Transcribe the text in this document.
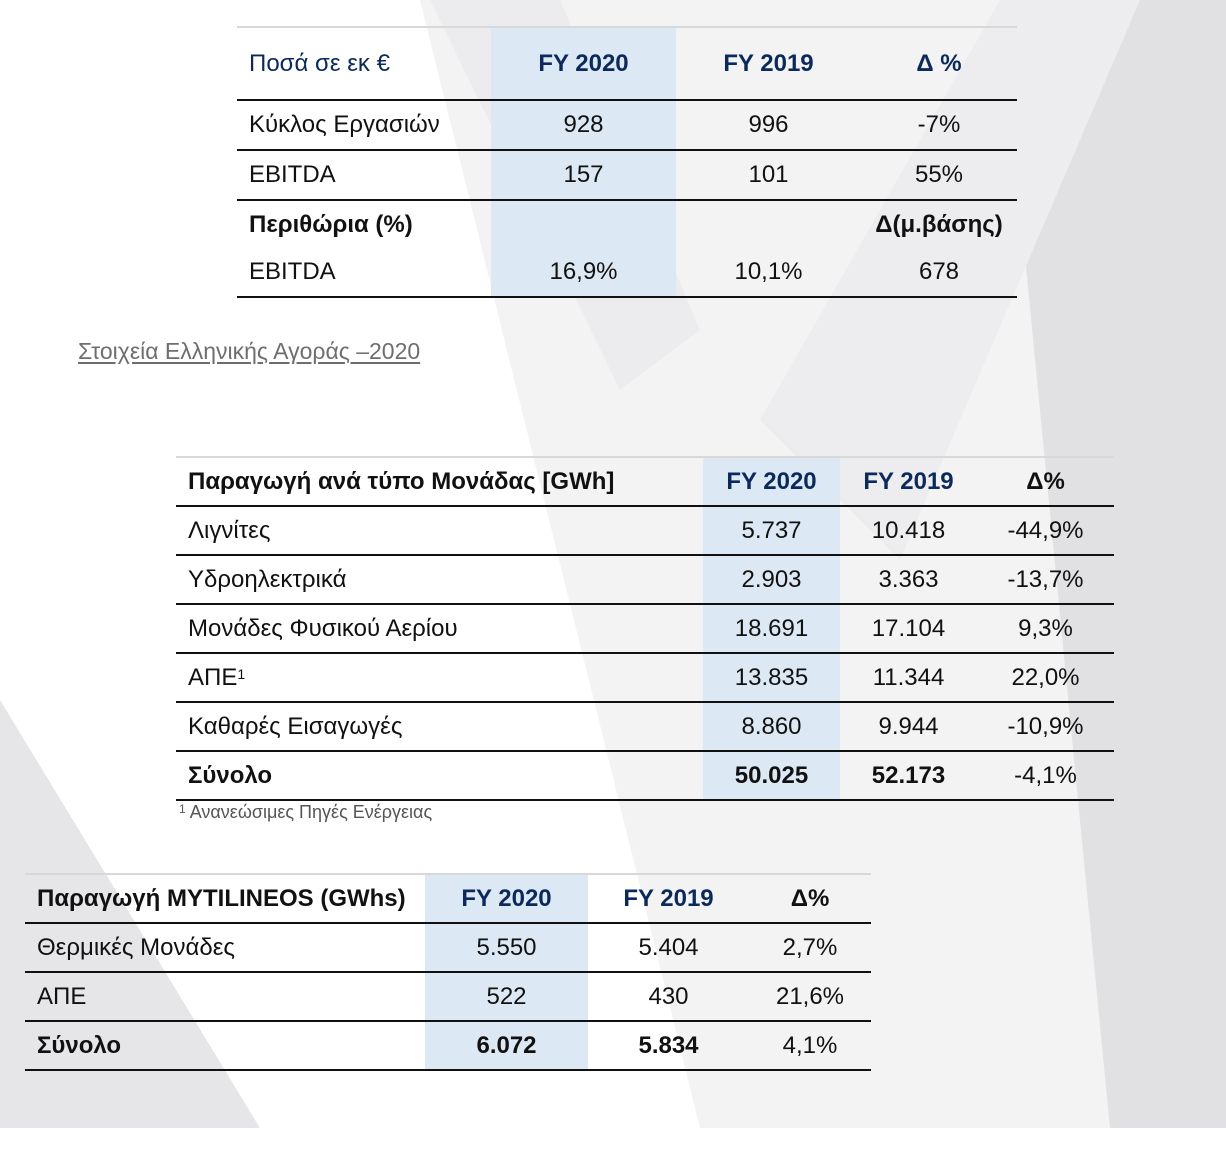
Ποσά σε εκ €	FY 2020	FY 2019	Δ %
Κύκλος Εργασιών	928	996	-7%
EBITDA	157	101	55%
Περιθώρια (%)			Δ(μ.βάσης)
EBITDA	16,9%	10,1%	678
Στοιχεία Ελληνικής Αγοράς –2020
Παραγωγή ανά τύπο Μονάδας [GWh]	FY 2020	FY 2019	Δ%
Λιγνίτες	5.737	10.418	-44,9%
Υδροηλεκτρικά	2.903	3.363	-13,7%
Μονάδες Φυσικού Αερίου	18.691	17.104	9,3%
ΑΠΕ$^1$	13.835	11.344	22,0%
Καθαρές Εισαγωγές	8.860	9.944	-10,9%
Σύνολο	50.025	52.173	-4,1%
$^1$ Ανανεώσιμες Πηγές Ενέργειας
Παραγωγή MYTILINEOS (GWhs)	FY 2020	FY 2019	Δ%
Θερμικές Μονάδες	5.550	5.404	2,7%
ΑΠΕ	522	430	21,6%
Σύνολο	6.072	5.834	4,1%
